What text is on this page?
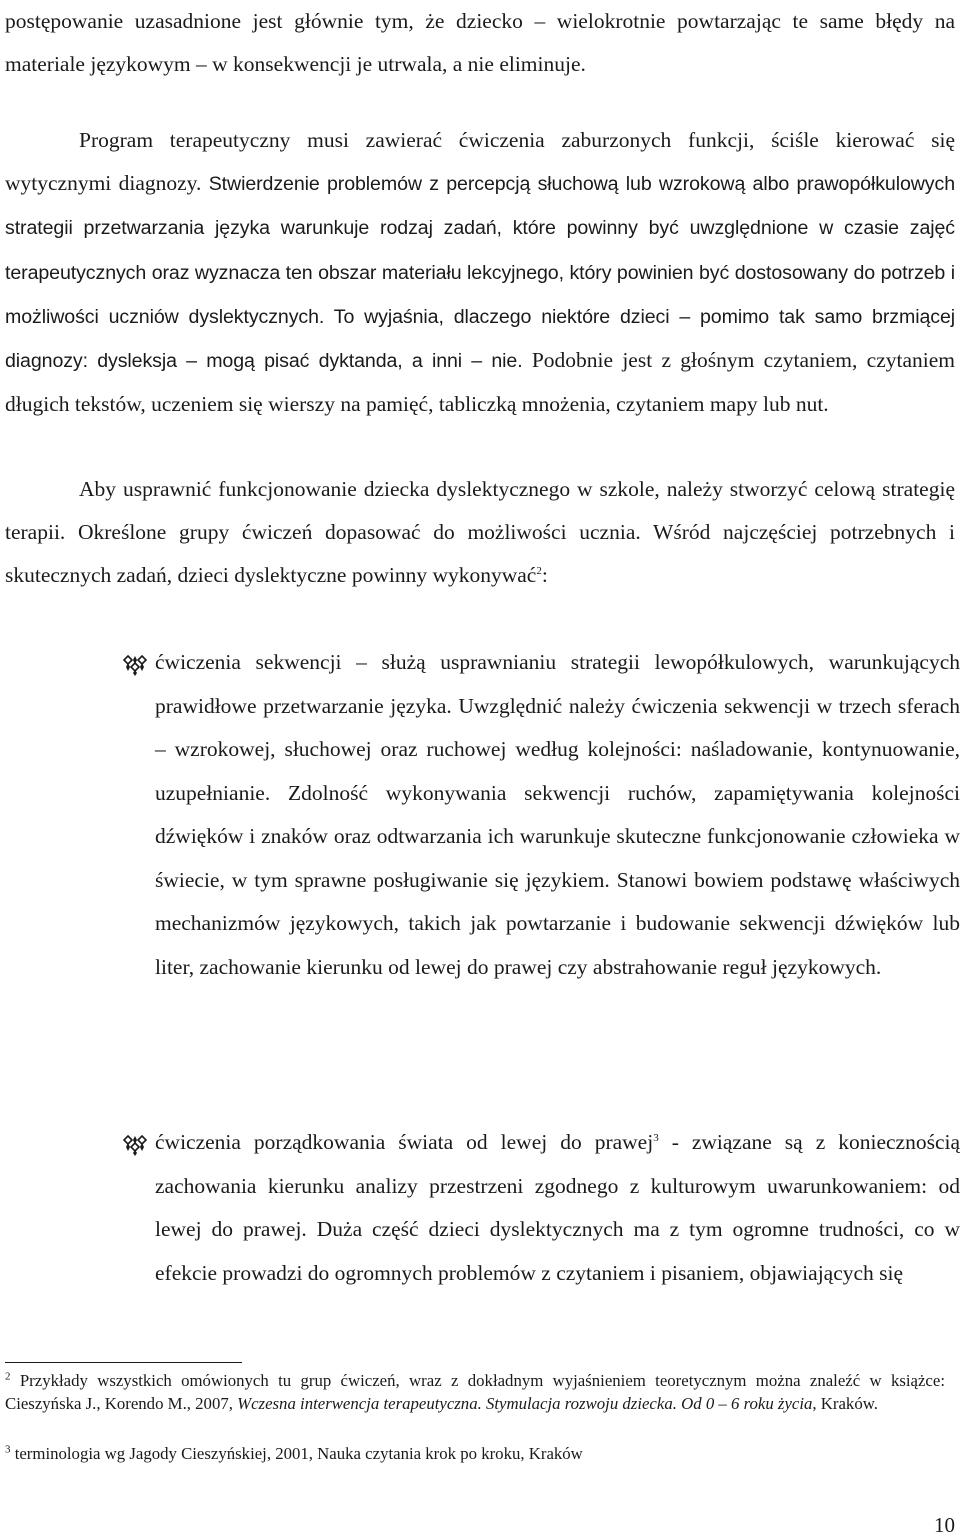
postępowanie uzasadnione jest głównie tym, że dziecko – wielokrotnie powtarzając te same błędy na materiale językowym – w konsekwencji je utrwala, a nie eliminuje.

Program terapeutyczny musi zawierać ćwiczenia zaburzonych funkcji, ściśle kierować się wytycznymi diagnozy. Stwierdzenie problemów z percepcją słuchową lub wzrokową albo prawopółkulowych strategii przetwarzania języka warunkuje rodzaj zadań, które powinny być uwzględnione w czasie zajęć terapeutycznych oraz wyznacza ten obszar materiału lekcyjnego, który powinien być dostosowany do potrzeb i możliwości uczniów dyslektycznych. To wyjaśnia, dlaczego niektóre dzieci – pomimo tak samo brzmiącej diagnozy: dysleksja – mogą pisać dyktanda, a inni – nie. Podobnie jest z głośnym czytaniem, czytaniem długich tekstów, uczeniem się wierszy na pamięć, tabliczką mnożenia, czytaniem mapy lub nut.

Aby usprawnić funkcjonowanie dziecka dyslektycznego w szkole, należy stworzyć celową strategię terapii. Określone grupy ćwiczeń dopasować do możliwości ucznia. Wśród najczęściej potrzebnych i skutecznych zadań, dzieci dyslektyczne powinny wykonywać$^2$:

ćwiczenia sekwencji – służą usprawnianiu strategii lewopółkulowych, warunkujących prawidłowe przetwarzanie języka. Uwzględnić należy ćwiczenia sekwencji w trzech sferach – wzrokowej, słuchowej oraz ruchowej według kolejności: naśladowanie, kontynuowanie, uzupełnianie. Zdolność wykonywania sekwencji ruchów, zapamiętywania kolejności dźwięków i znaków oraz odtwarzania ich warunkuje skuteczne funkcjonowanie człowieka w świecie, w tym sprawne posługiwanie się językiem. Stanowi bowiem podstawę właściwych mechanizmów językowych, takich jak powtarzanie i budowanie sekwencji dźwięków lub liter, zachowanie kierunku od lewej do prawej czy abstrahowanie reguł językowych.

ćwiczenia porządkowania świata od lewej do prawej$^3$ - związane są z koniecznością zachowania kierunku analizy przestrzeni zgodnego z kulturowym uwarunkowaniem: od lewej do prawej. Duża część dzieci dyslektycznych ma z tym ogromne trudności, co w efekcie prowadzi do ogromnych problemów z czytaniem i pisaniem, objawiających się

$^2$ Przykłady wszystkich omówionych tu grup ćwiczeń, wraz z dokładnym wyjaśnieniem teoretycznym można znaleźć w książce: Cieszyńska J., Korendo M., 2007, Wczesna interwencja terapeutyczna. Stymulacja rozwoju dziecka. Od 0 – 6 roku życia, Kraków.

$^3$ terminologia wg Jagody Cieszyńskiej, 2001, Nauka czytania krok po kroku, Kraków

10
